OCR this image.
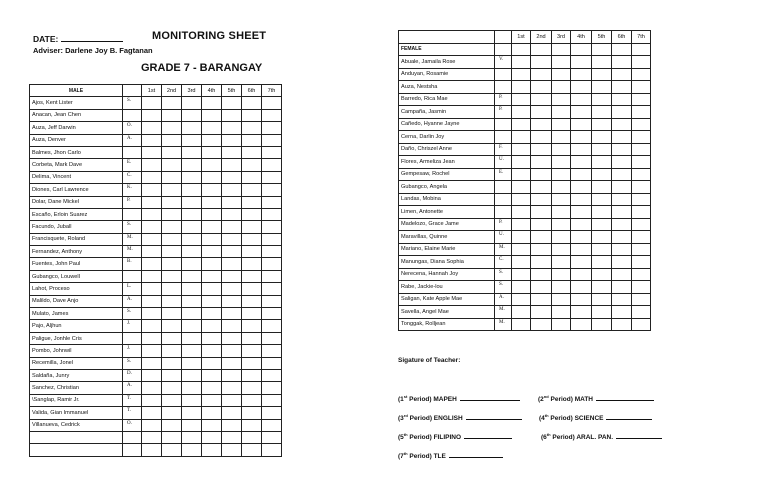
DATE:	MONITORING SHEET
Adviser: Darlene Joy B. Fagtanan
GRADE 7 - BARANGAY
MALE		1st	2nd	3rd	4th	5th	6th	7th
Ajos, Kent Lister	S.							
Anacan, Jean Chen								
Auza, Jeff Darwin	O.							
Auza, Denver	A.							
Balmes, Jhon Carlo								
Corbeta, Mark Dave	E.							
Delima, Vincent	C.							
Diones, Carl Lawrence	K.							
Dolar, Dane Mickel	P.							
Escaño, Erloin Suarez								
Facundo, Juball	S.							
Francisquete, Roland	M.							
Fernandez, Anthony	M.							
Fuentes, John Paul	B.							
Gubangco, Louwell								
Lahot, Proceso	L.							
Malildo, Dave Anjo	A.							
Mulato, James	S.							
Pajo, Aljhun	J.							
Paligue, Jonhle Cris								
Pombo, Johnwil	J.							
Recemilla, Jonel	S.							
Saldaña, Junry	D.							
Sanchez, Christian	A.							
\Sanglap, Ramir Jr.	T.							
Valida, Gian Immanuel	T.							
Villanueva, Cedrick	O.							

		1st	2nd	3rd	4th	5th	6th	7th
FEMALE								
Abuale, Jamaila Rose	V.							
Anduyan, Rosamie								
Auza, Nestsha								
Barredo, Rica Mae	P.							
Campaña, Jasmin	P.							
Cañedo, Hyanne Jayne								
Cerna, Darlin Joy								
Daño, Chriszel Anne	F.							
Flores, Armeliza Jean	U.							
Gempesaw, Rochel	E.							
Gubangco, Angela								
Landas, Mobina								
Limen, Antonette								
Madelozo, Grace Jame	P.							
Maravillas, Quinne	U.							
Mariano, Elaine Marie	M.							
Manungas, Diana Sophia	C.							
Nerecena, Hannah Joy	S.							
Rabe, Jackie-lou	S.							
Saligan, Kate Apple Mae	A.							
Savella, Angel Mae	M.							
Tonggak, Rolljean	M.							
Sigature of Teacher:
(1st Period) MAPEH	(2nd Period) MATH
(3rd Period) ENGLISH	(4th Period) SCIENCE
(5th Period) FILIPINO	(6th Period) ARAL. PAN.
(7th Period) TLE
